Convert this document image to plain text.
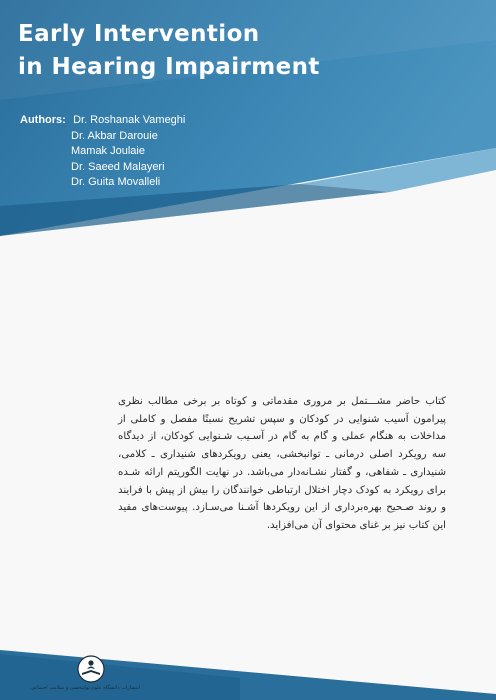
Early Intervention
in Hearing Impairment
Authors: Dr. Roshanak Vameghi
Dr. Akbar Darouie
Mamak Joulaie
Dr. Saeed Malayeri
Dr. Guita Movalleli

کتاب حاضر مشـــتمل بر مروری مقدماتی و کوتاه بر برخی مطالب نظری پیرامون آسیب شنوایی در کودکان و سپس تشریح نسبتًا مفصل و کاملی از مداخلات به هنگام عملی و گام به گام در آسـیب شـنوایی کودکان، از دیدگاه سه رویکرد اصلی درمانی ـ توانبخشی، یعنی رویکردهای شنیداری ـ کلامی، شنیداری ـ شفاهی، و گفتار نشـانه‌دار می‌باشد. در نهایت الگوریتم ارائه شـده برای رویکرد به کودک دچار اختلال ارتباطی خوانندگان را بیش از پیش با فرایند و روند صـحیح بهره‌برداری از این رویکردها آشـنا می‌سـازد. پیوست‌های مفید این کتاب نیز بر غنای محتوای آن می‌افزاید.

انتشارات دانشگاه علوم توانبخشی و سلامت اجتماعی
